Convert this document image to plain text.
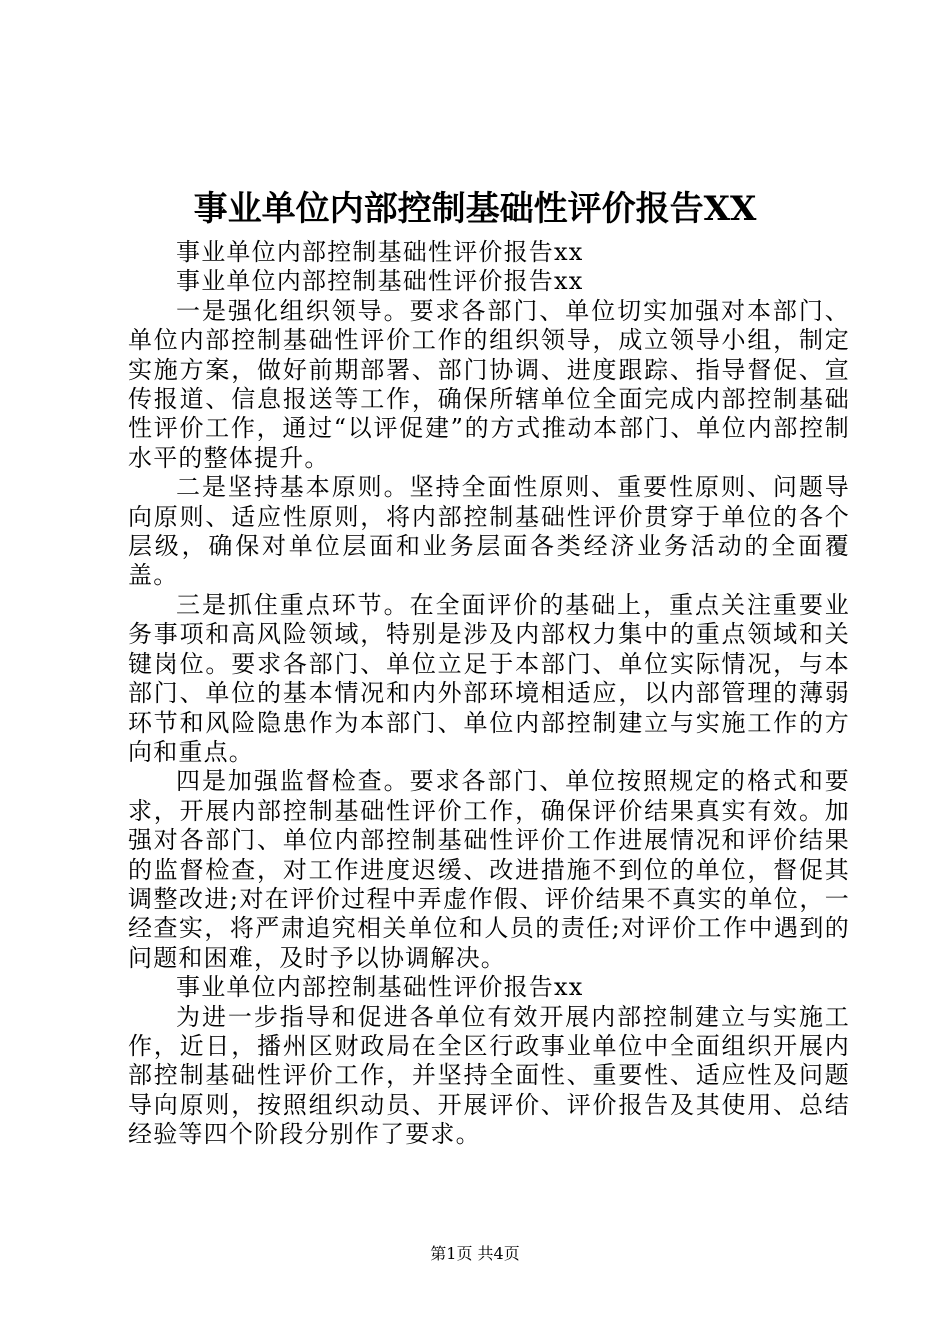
事业单位内部控制基础性评价报告XX

事业单位内部控制基础性评价报告xx

事业单位内部控制基础性评价报告xx

一是强化组织领导。要求各部门、单位切实加强对本部门、单位内部控制基础性评价工作的组织领导，成立领导小组，制定实施方案，做好前期部署、部门协调、进度跟踪、指导督促、宣传报道、信息报送等工作，确保所辖单位全面完成内部控制基础性评价工作，通过“以评促建”的方式推动本部门、单位内部控制水平的整体提升。

二是坚持基本原则。坚持全面性原则、重要性原则、问题导向原则、适应性原则，将内部控制基础性评价贯穿于单位的各个层级，确保对单位层面和业务层面各类经济业务活动的全面覆盖。

三是抓住重点环节。在全面评价的基础上，重点关注重要业务事项和高风险领域，特别是涉及内部权力集中的重点领域和关键岗位。要求各部门、单位立足于本部门、单位实际情况，与本部门、单位的基本情况和内外部环境相适应，以内部管理的薄弱环节和风险隐患作为本部门、单位内部控制建立与实施工作的方向和重点。

四是加强监督检查。要求各部门、单位按照规定的格式和要求，开展内部控制基础性评价工作，确保评价结果真实有效。加强对各部门、单位内部控制基础性评价工作进展情况和评价结果的监督检查，对工作进度迟缓、改进措施不到位的单位，督促其调整改进;对在评价过程中弄虚作假、评价结果不真实的单位，一经查实，将严肃追究相关单位和人员的责任;对评价工作中遇到的问题和困难，及时予以协调解决。

事业单位内部控制基础性评价报告xx

为进一步指导和促进各单位有效开展内部控制建立与实施工作，近日，播州区财政局在全区行政事业单位中全面组织开展内部控制基础性评价工作，并坚持全面性、重要性、适应性及问题导向原则，按照组织动员、开展评价、评价报告及其使用、总结经验等四个阶段分别作了要求。

第1页 共4页
